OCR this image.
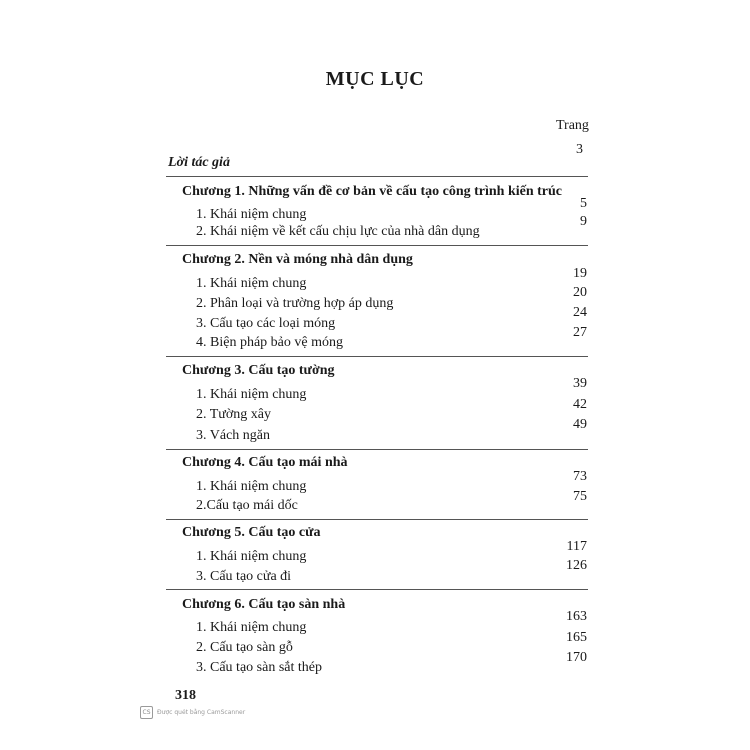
MỤC LỤC
Trang
Lời tác giả
3
Chương 1. Những vấn đề cơ bản về cấu tạo công trình kiến trúc
1. Khái niệm chung
5
2. Khái niệm về kết cấu chịu lực của nhà dân dụng
9
Chương 2. Nền và móng nhà dân dụng
1. Khái niệm chung
19
2. Phân loại và trường hợp áp dụng
20
3. Cấu tạo các loại móng
24
4. Biện pháp bảo vệ móng
27
Chương 3. Cấu tạo tường
1. Khái niệm chung
39
2. Tường xây
42
3. Vách ngăn
49
Chương 4. Cấu tạo mái nhà
1. Khái niệm chung
73
2.Cấu tạo mái dốc
75
Chương 5. Cấu tạo cửa
1. Khái niệm chung
117
3. Cấu tạo cửa đi
126
Chương 6. Cấu tạo sàn nhà
1. Khái niệm chung
163
2. Cấu tạo sàn gỗ
165
3. Cấu tạo sàn sắt thép
170
318
CS	Được quét bằng CamScanner
